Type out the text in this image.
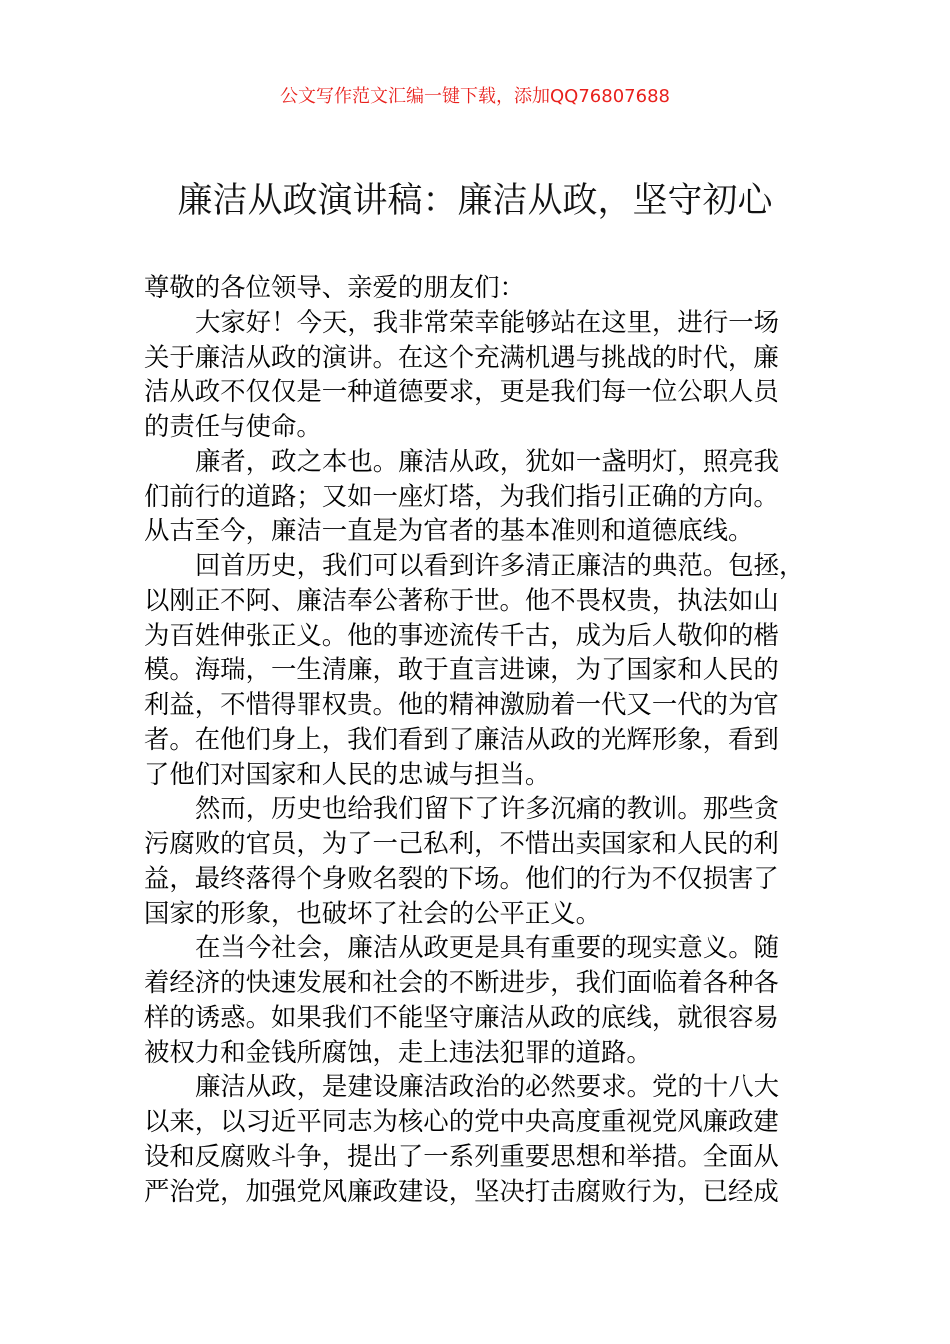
公文写作范文汇编一键下载，添加QQ76807688
廉洁从政演讲稿：廉洁从政，坚守初心
尊敬的各位领导、亲爱的朋友们：
大家好！今天，我非常荣幸能够站在这里，进行一场
关于廉洁从政的演讲。在这个充满机遇与挑战的时代，廉
洁从政不仅仅是一种道德要求，更是我们每一位公职人员
的责任与使命。
廉者，政之本也。廉洁从政，犹如一盏明灯，照亮我
们前行的道路；又如一座灯塔，为我们指引正确的方向。
从古至今，廉洁一直是为官者的基本准则和道德底线。
回首历史，我们可以看到许多清正廉洁的典范。包拯，
以刚正不阿、廉洁奉公著称于世。他不畏权贵，执法如山
为百姓伸张正义。他的事迹流传千古，成为后人敬仰的楷
模。海瑞，一生清廉，敢于直言进谏，为了国家和人民的
利益，不惜得罪权贵。他的精神激励着一代又一代的为官
者。在他们身上，我们看到了廉洁从政的光辉形象，看到
了他们对国家和人民的忠诚与担当。
然而，历史也给我们留下了许多沉痛的教训。那些贪
污腐败的官员，为了一己私利，不惜出卖国家和人民的利
益，最终落得个身败名裂的下场。他们的行为不仅损害了
国家的形象，也破坏了社会的公平正义。
在当今社会，廉洁从政更是具有重要的现实意义。随
着经济的快速发展和社会的不断进步，我们面临着各种各
样的诱惑。如果我们不能坚守廉洁从政的底线，就很容易
被权力和金钱所腐蚀，走上违法犯罪的道路。
廉洁从政，是建设廉洁政治的必然要求。党的十八大
以来，以习近平同志为核心的党中央高度重视党风廉政建
设和反腐败斗争，提出了一系列重要思想和举措。全面从
严治党，加强党风廉政建设，坚决打击腐败行为，已经成
